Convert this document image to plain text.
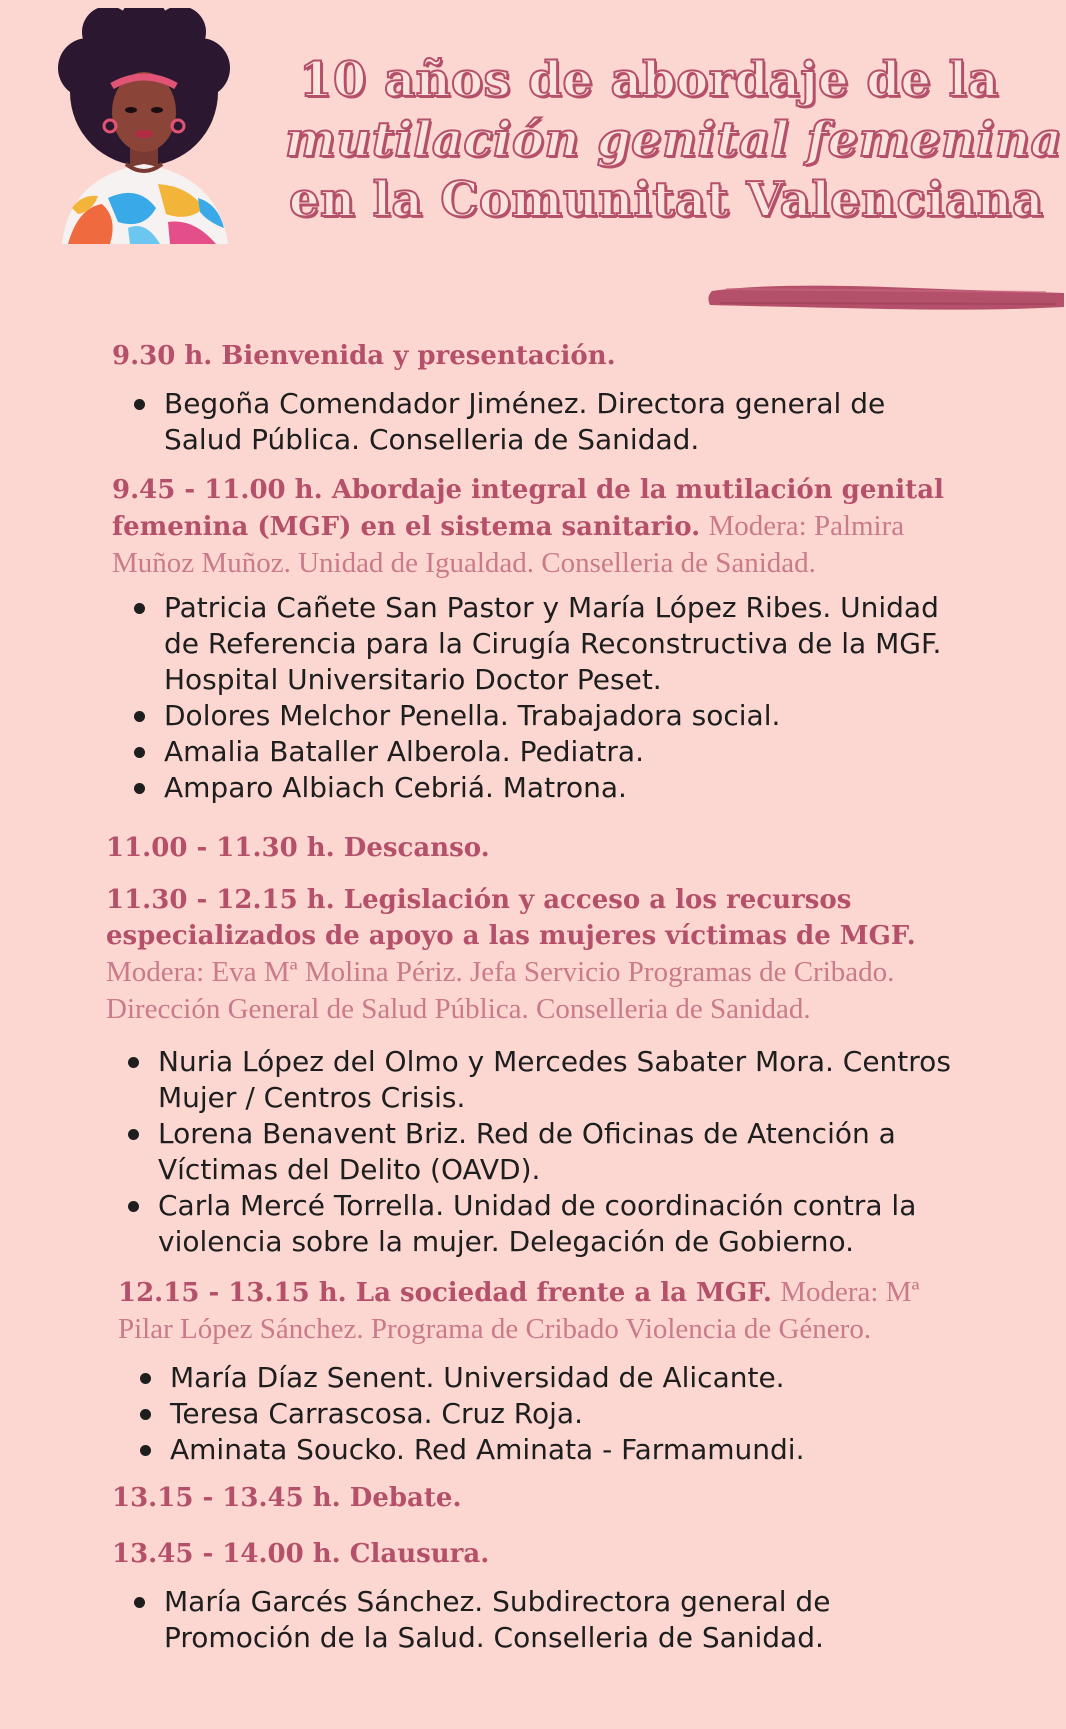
10 años de abordaje de la
mutilación genital femenina
en la Comunitat Valenciana
9.30 h. Bienvenida y presentación.
Begoña Comendador Jiménez. Directora general de Salud Pública. Conselleria de Sanidad.
9.45 - 11.00 h. Abordaje integral de la mutilación genital femenina (MGF) en el sistema sanitario. Modera: Palmira Muñoz Muñoz. Unidad de Igualdad. Conselleria de Sanidad.
Patricia Cañete San Pastor y María López Ribes. Unidad de Referencia para la Cirugía Reconstructiva de la MGF. Hospital Universitario Doctor Peset.
Dolores Melchor Penella. Trabajadora social.
Amalia Bataller Alberola. Pediatra.
Amparo Albiach Cebriá. Matrona.
11.00 - 11.30 h. Descanso.
11.30 - 12.15 h. Legislación y acceso a los recursos especializados de apoyo a las mujeres víctimas de MGF. Modera: Eva Mª Molina Périz. Jefa Servicio Programas de Cribado. Dirección General de Salud Pública. Conselleria de Sanidad.
Nuria López del Olmo y Mercedes Sabater Mora. Centros Mujer / Centros Crisis.
Lorena Benavent Briz. Red de Oficinas de Atención a Víctimas del Delito (OAVD).
Carla Mercé Torrella. Unidad de coordinación contra la violencia sobre la mujer. Delegación de Gobierno.
12.15 - 13.15 h. La sociedad frente a la MGF. Modera: Mª Pilar López Sánchez. Programa de Cribado Violencia de Género.
María Díaz Senent. Universidad de Alicante.
Teresa Carrascosa. Cruz Roja.
Aminata Soucko. Red Aminata - Farmamundi.
13.15 - 13.45 h. Debate.
13.45 - 14.00 h. Clausura.
María Garcés Sánchez. Subdirectora general de Promoción de la Salud. Conselleria de Sanidad.
